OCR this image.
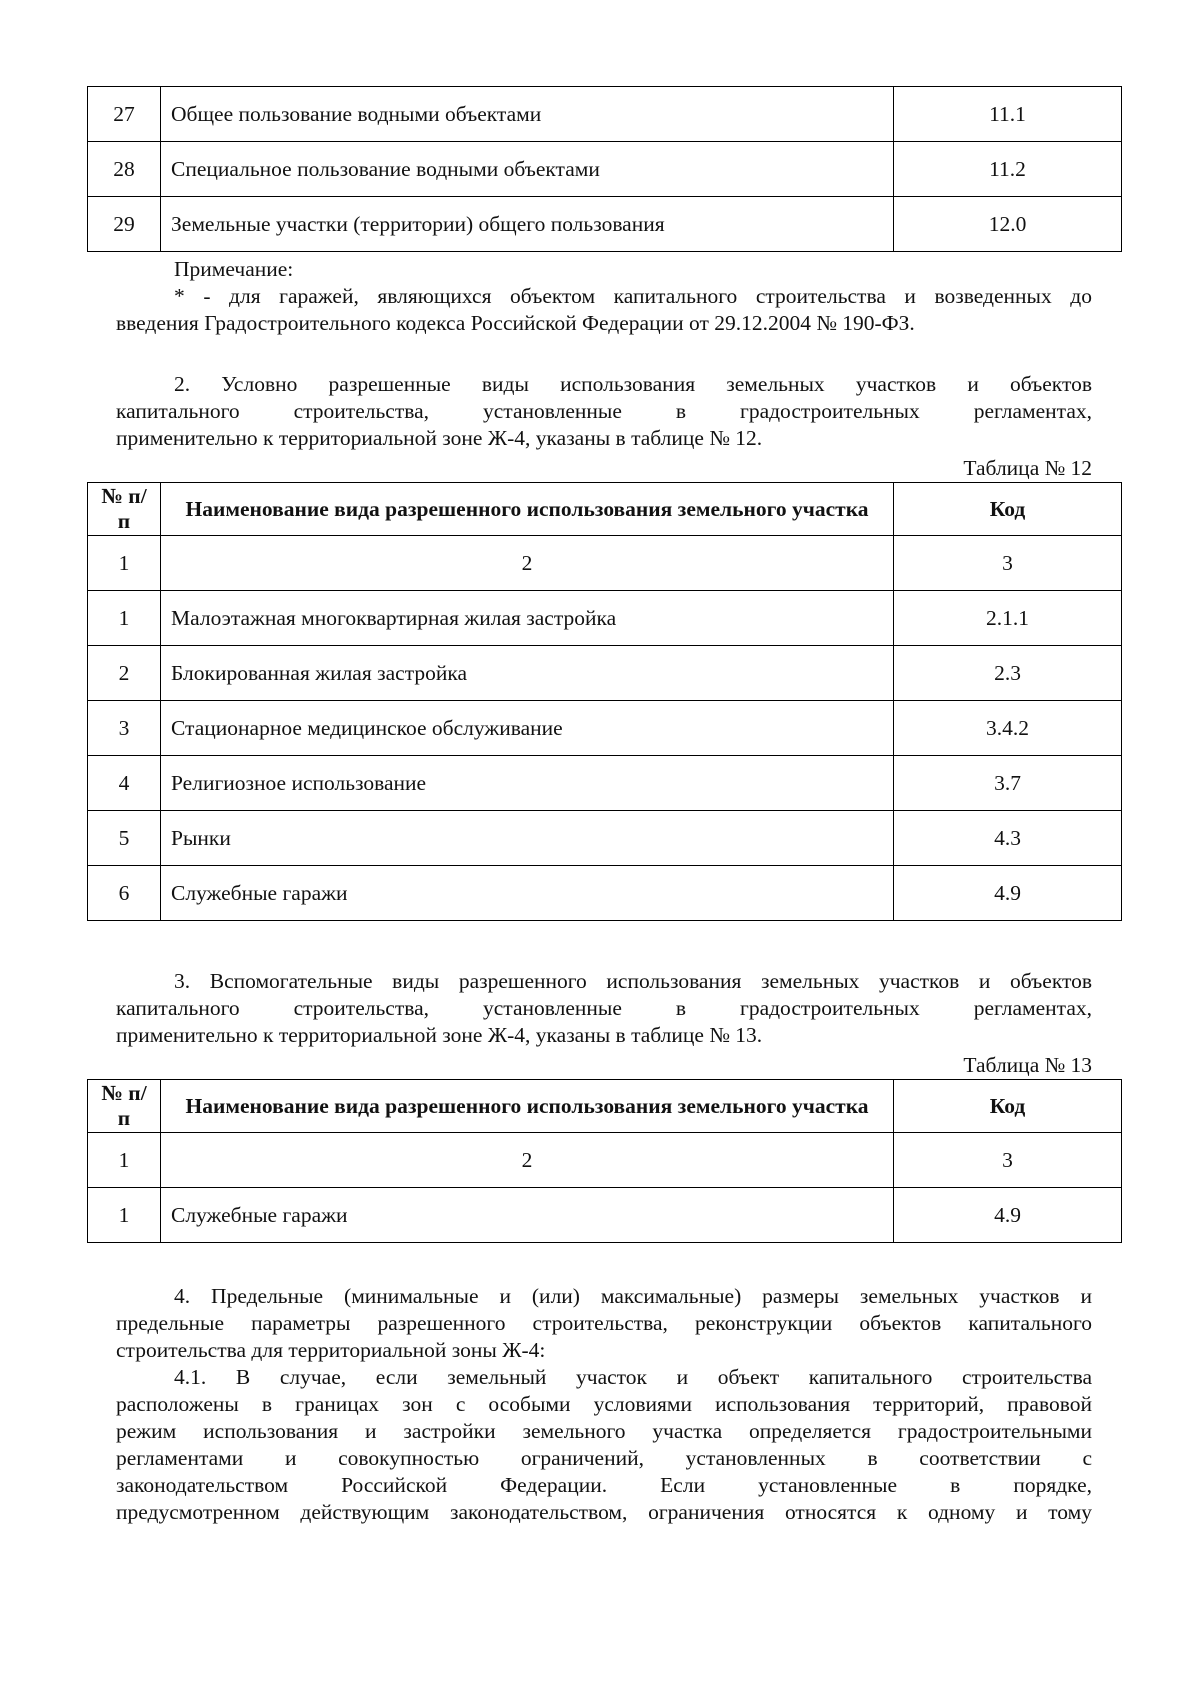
27	Общее пользование водными объектами	11.1
28	Специальное пользование водными объектами	11.2
29	Земельные участки (территории) общего пользования	12.0

Примечание:

* - для гаражей, являющихся объектом капитального строительства и возведенных до
введения Градостроительного кодекса Российской Федерации от 29.12.2004 № 190-ФЗ.
2. Условно разрешенные виды использования земельных участков и объектов
капитального строительства, установленные в градостроительных регламентах,
применительно к территориальной зоне Ж-4, указаны в таблице № 12.

Таблица № 12

№ п/п	Наименование вида разрешенного использования земельного участка	Код
1	2	3
1	Малоэтажная многоквартирная жилая застройка	2.1.1
2	Блокированная жилая застройка	2.3
3	Стационарное медицинское обслуживание	3.4.2
4	Религиозное использование	3.7
5	Рынки	4.3
6	Служебные гаражи	4.9
3. Вспомогательные виды разрешенного использования земельных участков и объектов
капитального строительства, установленные в градостроительных регламентах,
применительно к территориальной зоне Ж-4, указаны в таблице № 13.

Таблица № 13

№ п/п	Наименование вида разрешенного использования земельного участка	Код
1	2	3
1	Служебные гаражи	4.9
4. Предельные (минимальные и (или) максимальные) размеры земельных участков и
предельные параметры разрешенного строительства, реконструкции объектов капитального
строительства для территориальной зоны Ж-4:
4.1. В случае, если земельный участок и объект капитального строительства
расположены в границах зон с особыми условиями использования территорий, правовой
режим использования и застройки земельного участка определяется градостроительными
регламентами и совокупностью ограничений, установленных в соответствии с
законодательством Российской Федерации. Если установленные в порядке,
предусмотренном действующим законодательством, ограничения относятся к одному и тому
